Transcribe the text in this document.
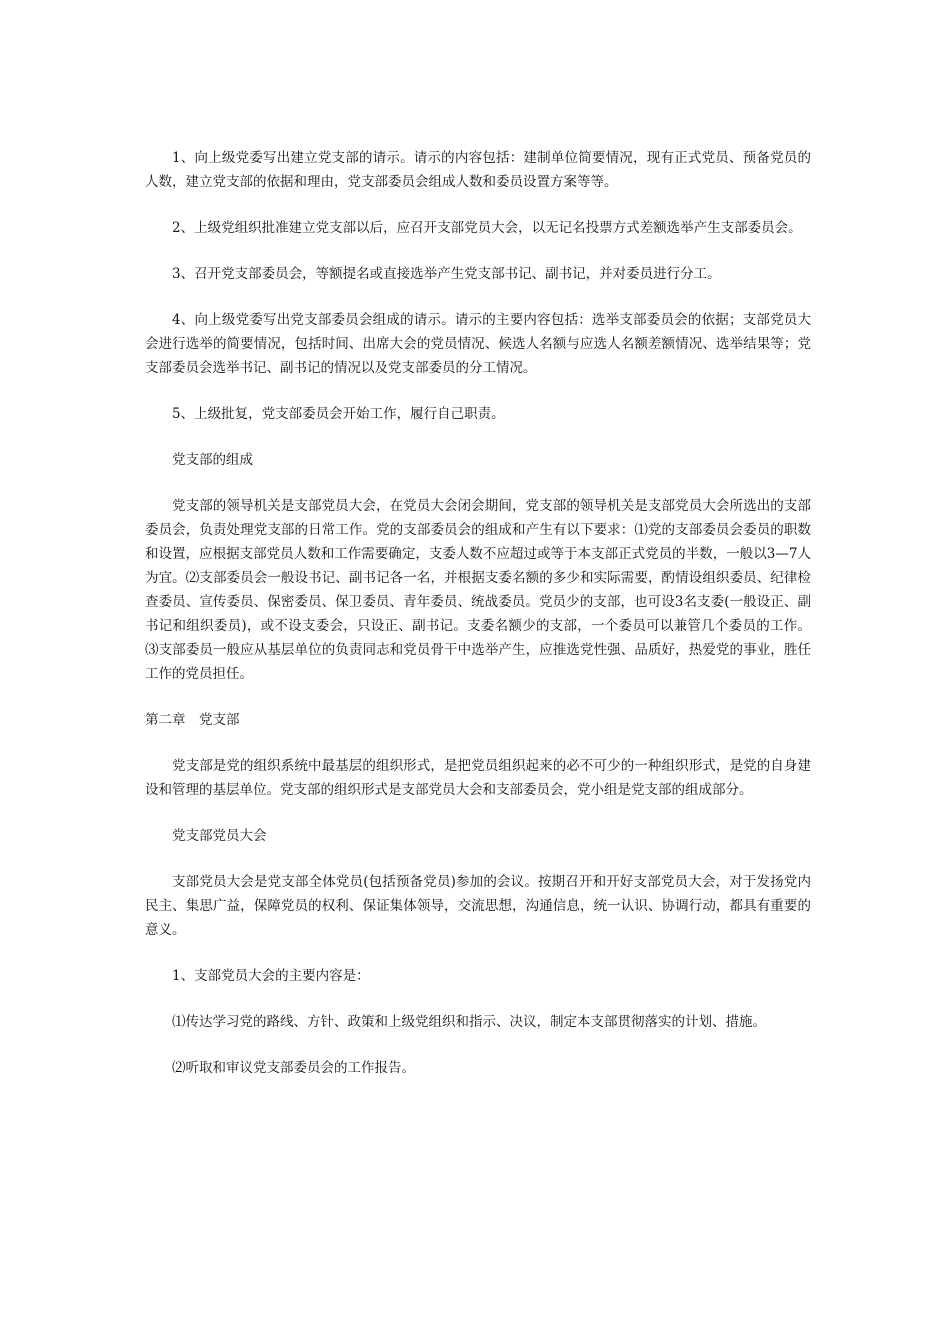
1、向上级党委写出建立党支部的请示。请示的内容包括：建制单位简要情况，现有正式党员、预备党员的人数，建立党支部的依据和理由，党支部委员会组成人数和委员设置方案等等。

2、上级党组织批准建立党支部以后，应召开支部党员大会，以无记名投票方式差额选举产生支部委员会。

3、召开党支部委员会，等额提名或直接选举产生党支部书记、副书记，并对委员进行分工。

4、向上级党委写出党支部委员会组成的请示。请示的主要内容包括：选举支部委员会的依据；支部党员大会进行选举的简要情况，包括时间、出席大会的党员情况、候选人名额与应选人名额差额情况、选举结果等；党支部委员会选举书记、副书记的情况以及党支部委员的分工情况。

5、上级批复，党支部委员会开始工作，履行自己职责。

党支部的组成

党支部的领导机关是支部党员大会，在党员大会闭会期间，党支部的领导机关是支部党员大会所选出的支部委员会，负责处理党支部的日常工作。党的支部委员会的组成和产生有以下要求：⑴党的支部委员会委员的职数和设置，应根据支部党员人数和工作需要确定，支委人数不应超过或等于本支部正式党员的半数，一般以3—7人为宜。⑵支部委员会一般设书记、副书记各一名，并根据支委名额的多少和实际需要，酌情设组织委员、纪律检查委员、宣传委员、保密委员、保卫委员、青年委员、统战委员。党员少的支部，也可设3名支委(一般设正、副书记和组织委员)，或不设支委会，只设正、副书记。支委名额少的支部，一个委员可以兼管几个委员的工作。⑶支部委员一般应从基层单位的负责同志和党员骨干中选举产生，应推选党性强、品质好，热爱党的事业，胜任工作的党员担任。

第二章　党支部

党支部是党的组织系统中最基层的组织形式，是把党员组织起来的必不可少的一种组织形式，是党的自身建设和管理的基层单位。党支部的组织形式是支部党员大会和支部委员会，党小组是党支部的组成部分。

党支部党员大会

支部党员大会是党支部全体党员(包括预备党员)参加的会议。按期召开和开好支部党员大会，对于发扬党内民主、集思广益，保障党员的权利、保证集体领导，交流思想，沟通信息，统一认识、协调行动，都具有重要的意义。

1、支部党员大会的主要内容是：

⑴传达学习党的路线、方针、政策和上级党组织和指示、决议，制定本支部贯彻落实的计划、措施。

⑵听取和审议党支部委员会的工作报告。
